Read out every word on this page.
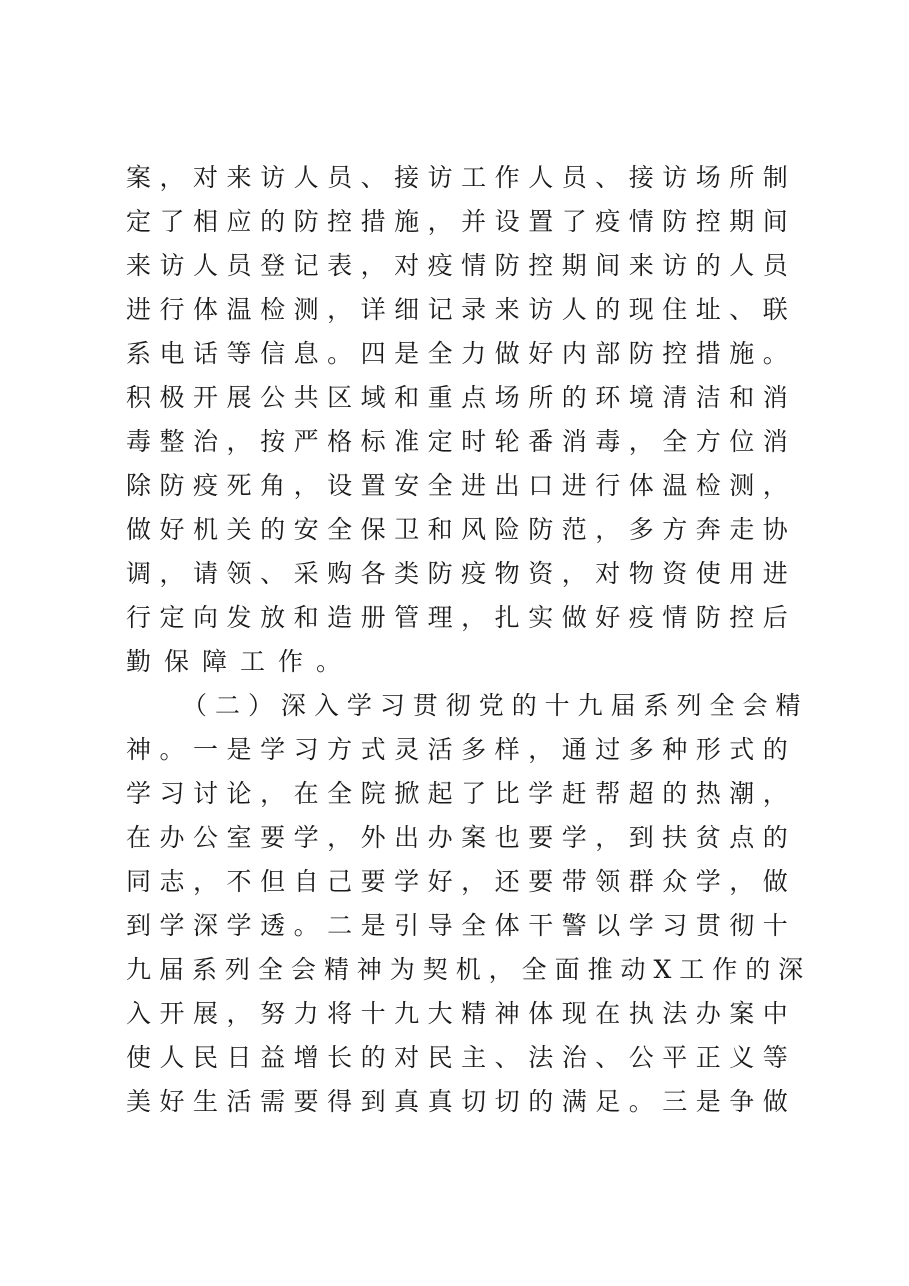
案 ， 对 来 访 人 员 、 接 访 工 作 人 员 、 接 访 场 所 制
定 了 相 应 的 防 控 措 施 ， 并 设 置 了 疫 情 防 控 期 间
来 访 人 员 登 记 表 ， 对 疫 情 防 控 期 间 来 访 的 人 员
进 行 体 温 检 测 ， 详 细 记 录 来 访 人 的 现 住 址 、 联
系 电 话 等 信 息 。 四 是 全 力 做 好 内 部 防 控 措 施 。
积 极 开 展 公 共 区 域 和 重 点 场 所 的 环 境 清 洁 和 消
毒 整 治 ， 按 严 格 标 准 定 时 轮 番 消 毒 ， 全 方 位 消
除 防 疫 死 角 ， 设 置 安 全 进 出 口 进 行 体 温 检 测 ，
做 好 机 关 的 安 全 保 卫 和 风 险 防 范 ， 多 方 奔 走 协
调 ， 请 领 、 采 购 各 类 防 疫 物 资 ， 对 物 资 使 用 进
行 定 向 发 放 和 造 册 管 理 ， 扎 实 做 好 疫 情 防 控 后
勤保障工作。
（ 二 ） 深 入 学 习 贯 彻 党 的 十 九 届 系 列 全 会 精
神 。 一 是 学 习 方 式 灵 活 多 样 ， 通 过 多 种 形 式 的
学 习 讨 论 ， 在 全 院 掀 起 了 比 学 赶 帮 超 的 热 潮 ，
在 办 公 室 要 学 ， 外 出 办 案 也 要 学 ， 到 扶 贫 点 的
同 志 ， 不 但 自 己 要 学 好 ， 还 要 带 领 群 众 学 ， 做
到 学 深 学 透 。 二 是 引 导 全 体 干 警 以 学 习 贯 彻 十
九 届 系 列 全 会 精 神 为 契 机 ， 全 面 推 动 X 工 作 的 深
入 开 展 ， 努 力 将 十 九 大 精 神 体 现 在 执 法 办 案 中
使 人 民 日 益 增 长 的 对 民 主 、 法 治 、 公 平 正 义 等
美 好 生 活 需 要 得 到 真 真 切 切 的 满 足 。 三 是 争 做
